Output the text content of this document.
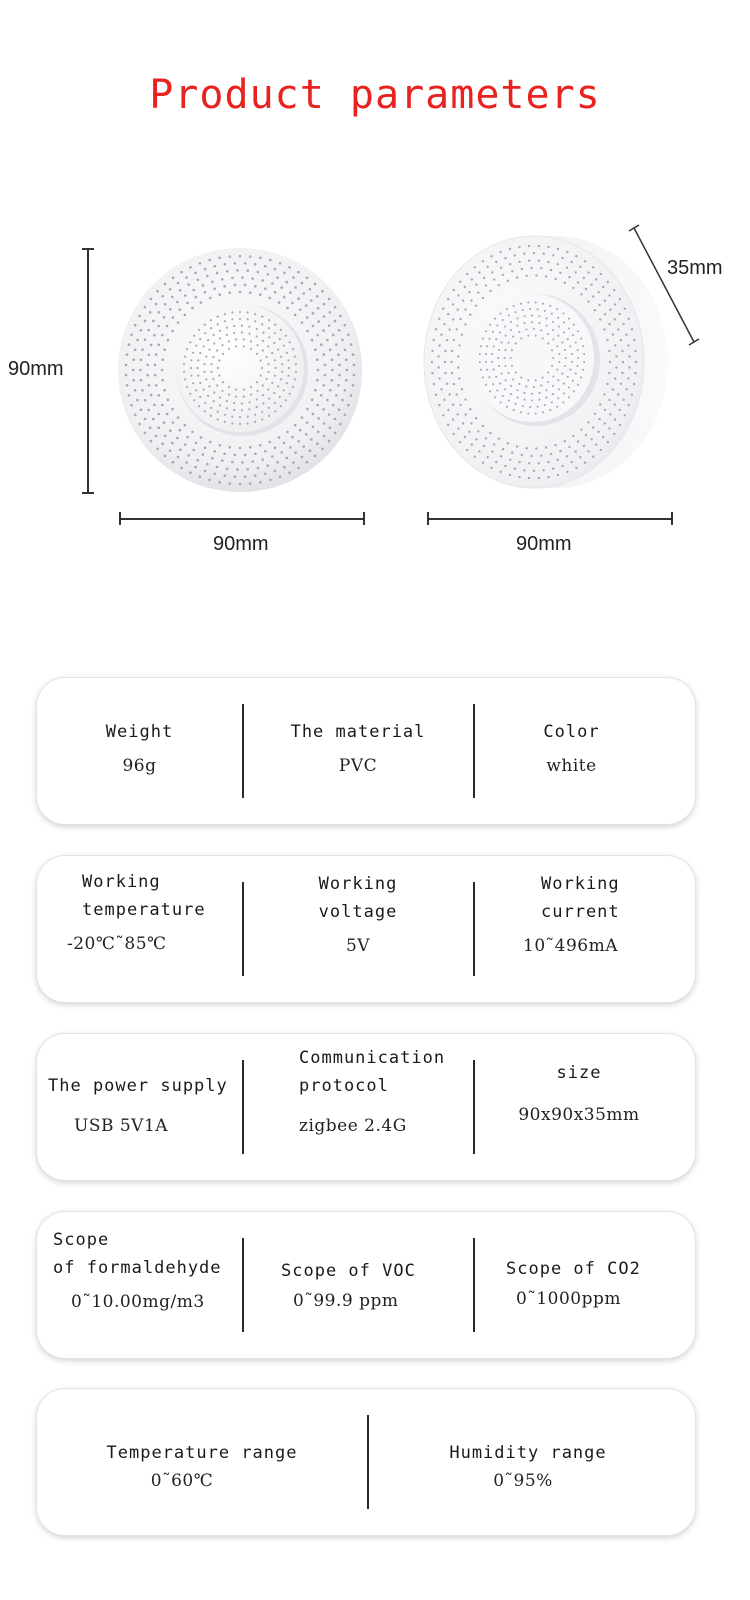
Product parameters
90mm
90mm
35mm
90mm
Weight
96g
The material
PVC
Color
white
Working
temperature
-20℃˜85℃
Working
voltage
5V
Working
current
10˜496mA
The power supply
USB 5V1A
Communication
protocol
zigbee 2.4G
size
90x90x35mm
Scope
of formaldehyde
0˜10.00mg/m3
Scope of VOC
0˜99.9 ppm
Scope of CO2
0˜1000ppm
Temperature range
0˜60℃
Humidity range
0˜95%
